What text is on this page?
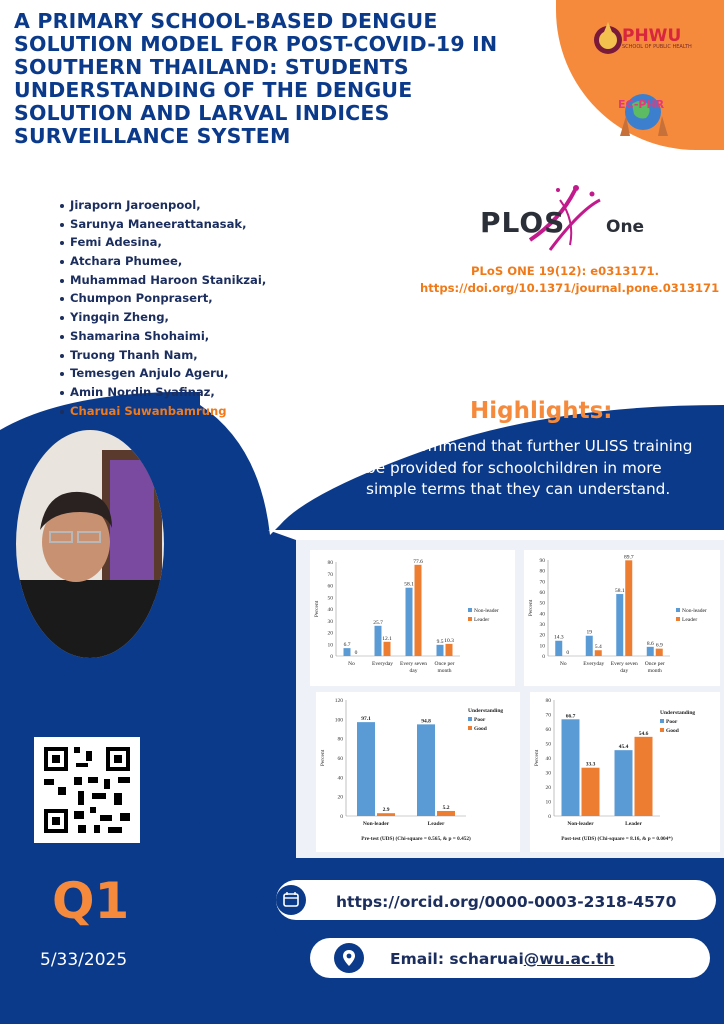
A PRIMARY SCHOOL-BASED DENGUE SOLUTION MODEL FOR POST-COVID-19 IN SOUTHERN THAILAND: STUDENTS UNDERSTANDING OF THE DENGUE SOLUTION AND LARVAL INDICES SURVEILLANCE SYSTEM
PHWU
SCHOOL OF PUBLIC HEALTH
EC-PHR
Jiraporn Jaroenpool,
Sarunya Maneerattanasak,
Femi Adesina,
Atchara Phumee,
Muhammad Haroon Stanikzai,
Chumpon Ponprasert,
Yingqin Zheng,
Shamarina Shohaimi,
Truong Thanh Nam,
Temesgen Anjulo Ageru,
Amin Nordin Syafinaz,
Charuai Suwanbamrung
PLOS One
PLoS ONE 19(12): e0313171.
https://doi.org/10.1371/journal.pone.0313171
Highlights:
We recommend that further ULISS training be provided for schoolchildren in more simple terms that they can understand.
0
10
20
30
40
50
60
70
80
Percent
6.7
0
No
25.7
12.1
Everyday
58.1
77.6
Every seven
day
9.5 10.3
Once per
month
Non-leader
Leader
0
10
20
30
40
50
60
70
80
90
Percent
14.3
0
No
19
5.4
Everyday
58.1
89.7
Every seven
day
8.6 6.9
Once per
month
Non-leader
Leader
0
20
40
60
80
100
120
Percent
97.1
2.9
Non-leader
94.8
5.2
Leader
Pre-test (UDS) (Chi-square = 0.565, & p = 0.452)
Understanding
Poor
Good
0
10
20
30
40
50
60
70
80
Percent
66.7
33.3
Non-leader
45.4
54.6
Leader
Post-test (UDS) (Chi-square = 8.16, & p = 0.004*)
Understanding
Poor
Good
Q1
5/33/2025
https://orcid.org/0000-0003-2318-4570
Email: scharuai@wu.ac.th
